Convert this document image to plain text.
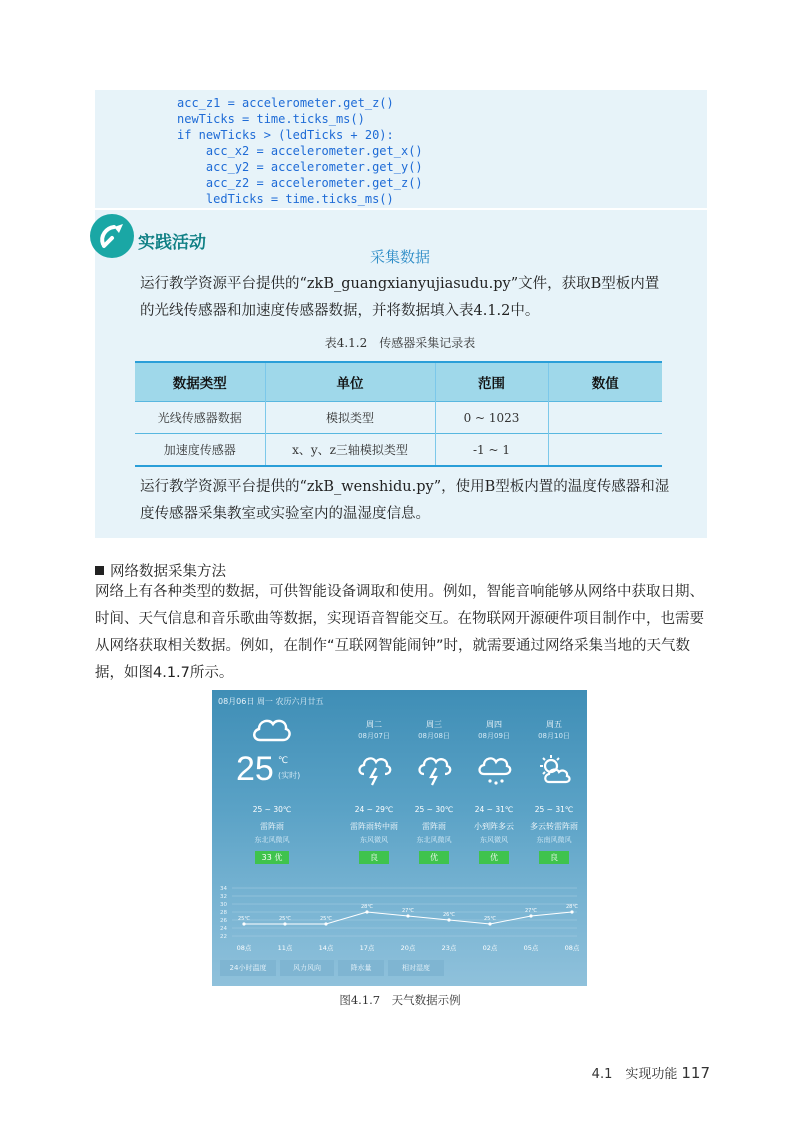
acc_z1 = accelerometer.get_z()
newTicks = time.ticks_ms()
if newTicks > (ledTicks + 20):
acc_x2 = accelerometer.get_x()
acc_y2 = accelerometer.get_y()
acc_z2 = accelerometer.get_z()
ledTicks = time.ticks_ms()
实践活动
采集数据
运行教学资源平台提供的“zkB_guangxianyujiasudu.py”文件，获取B型板内置的光线传感器和加速度传感器数据，并将数据填入表4.1.2中。
表4.1.2　传感器采集记录表
数据类型	单位	范围	数值
光线传感器数据	模拟类型	0 ~ 1023	
加速度传感器	x、y、z三轴模拟类型	-1 ~ 1	
运行教学资源平台提供的“zkB_wenshidu.py”，使用B型板内置的温度传感器和湿度传感器采集教室或实验室内的温湿度信息。
网络数据采集方法
网络上有各种类型的数据，可供智能设备调取和使用。例如，智能音响能够从网络中获取日期、时间、天气信息和音乐歌曲等数据，实现语音智能交互。在物联网开源硬件项目制作中，也需要从网络获取相关数据。例如，在制作“互联网智能闹钟”时，就需要通过网络采集当地的天气数据，如图4.1.7所示。
08月06日 周一 农历六月廿五
25 ℃
(实时)
25 ~ 30℃
雷阵雨
东北风微风
33 优
周二
08月07日
24 ~ 29℃
雷阵雨转中雨
东风微风
良
周三
08月08日
25 ~ 30℃
雷阵雨
东北风微风
优
周四
08月09日
24 ~ 31℃
小到阵多云
东风微风
优
周五
08月10日
25 ~ 31℃
多云转雷阵雨
东南风微风
良
34
32
30
28
26
24
22
25℃
08点
25℃
11点
25℃
14点
28℃
17点
27℃
20点
26℃
23点
25℃
02点
27℃
05点
28℃
08点
24小时温度	风力风向	降水量	相对湿度
图4.1.7　天气数据示例
4.1　实现功能 117
